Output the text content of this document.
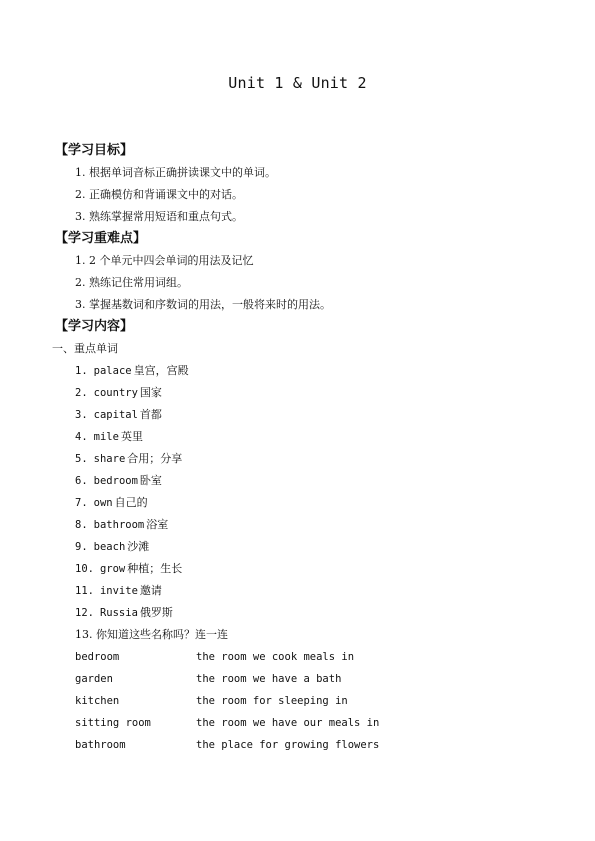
Unit 1 & Unit 2
【学习目标】
1. 根据单词音标正确拼读课文中的单词。
2. 正确模仿和背诵课文中的对话。
3. 熟练掌握常用短语和重点句式。
【学习重难点】
1. 2 个单元中四会单词的用法及记忆
2. 熟练记住常用词组。
3. 掌握基数词和序数词的用法，一般将来时的用法。
【学习内容】
一、重点单词
1. palace 皇宫，宫殿
2. country 国家
3. capital 首都
4. mile 英里
5. share 合用；分享
6. bedroom 卧室
7. own 自己的
8. bathroom 浴室
9. beach 沙滩
10. grow 种植；生长
11. invite 邀请
12. Russia 俄罗斯
13. 你知道这些名称吗？连一连
bedroom	the room we cook meals in
garden	the room we have a bath
kitchen	the room for sleeping in
sitting room	the room we have our meals in
bathroom	the place for growing flowers
